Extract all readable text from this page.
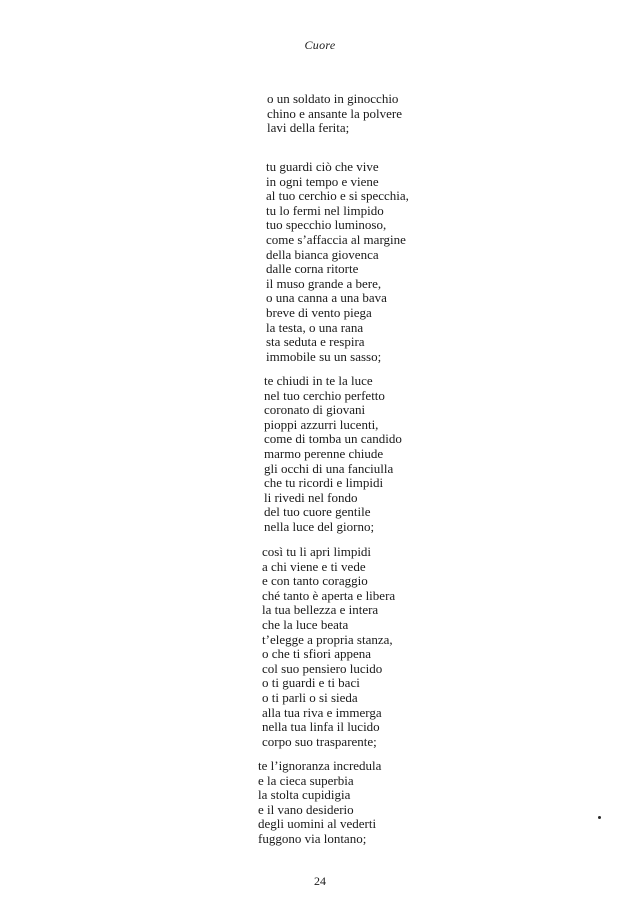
Cuore
o un soldato in ginocchio
chino e ansante la polvere
lavi della ferita;
tu guardi ciò che vive
in ogni tempo e viene
al tuo cerchio e si specchia,
tu lo fermi nel limpido
tuo specchio luminoso,
come s’affaccia al margine
della bianca giovenca
dalle corna ritorte
il muso grande a bere,
o una canna a una bava
breve di vento piega
la testa, o una rana
sta seduta e respira
immobile su un sasso;
te chiudi in te la luce
nel tuo cerchio perfetto
coronato di giovani
pioppi azzurri lucenti,
come di tomba un candido
marmo perenne chiude
gli occhi di una fanciulla
che tu ricordi e limpidi
li rivedi nel fondo
del tuo cuore gentile
nella luce del giorno;
così tu li apri limpidi
a chi viene e ti vede
e con tanto coraggio
ché tanto è aperta e libera
la tua bellezza e intera
che la luce beata
t’elegge a propria stanza,
o che ti sfiori appena
col suo pensiero lucido
o ti guardi e ti baci
o ti parli o si sieda
alla tua riva e immerga
nella tua linfa il lucido
corpo suo trasparente;
te l’ignoranza incredula
e la cieca superbia
la stolta cupidigia
e il vano desiderio
degli uomini al vederti
fuggono via lontano;
24
